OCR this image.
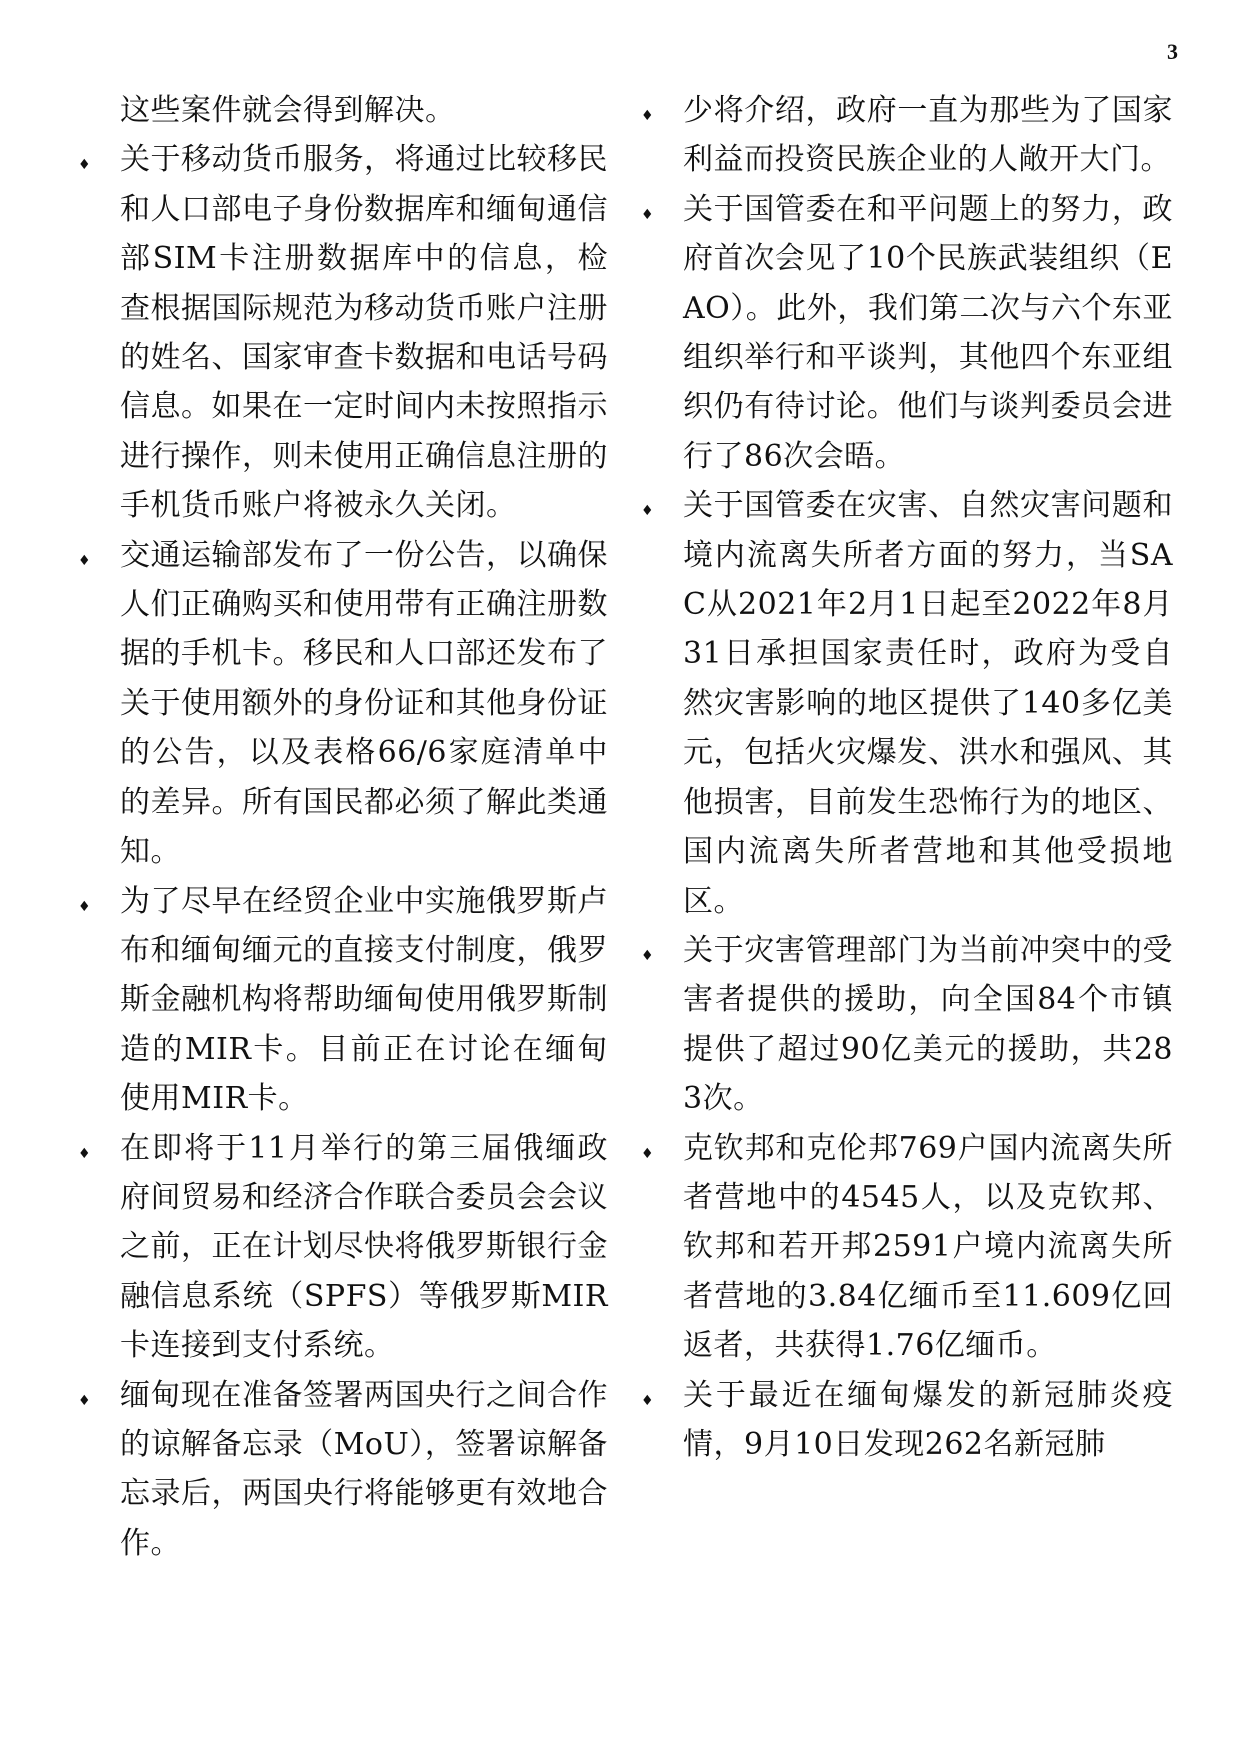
3
这些案件就会得到解决。
♦ 关于移动货币服务，将通过比较移民和人口部电子身份数据库和缅甸通信部SIM卡注册数据库中的信息，检查根据国际规范为移动货币账户注册的姓名、国家审查卡数据和电话号码信息。如果在一定时间内未按照指示进行操作，则未使用正确信息注册的手机货币账户将被永久关闭。
♦ 交通运输部发布了一份公告，以确保人们正确购买和使用带有正确注册数据的手机卡。移民和人口部还发布了关于使用额外的身份证和其他身份证的公告，以及表格66/6家庭清单中的差异。所有国民都必须了解此类通知。
♦ 为了尽早在经贸企业中实施俄罗斯卢布和缅甸缅元的直接支付制度，俄罗斯金融机构将帮助缅甸使用俄罗斯制造的MIR卡。目前正在讨论在缅甸使用MIR卡。
♦ 在即将于11月举行的第三届俄缅政府间贸易和经济合作联合委员会会议之前，正在计划尽快将俄罗斯银行金融信息系统（SPFS）等俄罗斯MIR卡连接到支付系统。
♦ 缅甸现在准备签署两国央行之间合作的谅解备忘录（MoU），签署谅解备忘录后，两国央行将能够更有效地合作。
♦ 少将介绍，政府一直为那些为了国家利益而投资民族企业的人敞开大门。
♦ 关于国管委在和平问题上的努力，政府首次会见了10个民族武装组织（EAO）。此外，我们第二次与六个东亚组织举行和平谈判，其他四个东亚组织仍有待讨论。他们与谈判委员会进行了86次会晤。
♦ 关于国管委在灾害、自然灾害问题和境内流离失所者方面的努力，当SAC从2021年2月1日起至2022年8月31日承担国家责任时，政府为受自然灾害影响的地区提供了140多亿美元，包括火灾爆发、洪水和强风、其他损害，目前发生恐怖行为的地区、国内流离失所者营地和其他受损地区。
♦ 关于灾害管理部门为当前冲突中的受害者提供的援助，向全国84个市镇提供了超过90亿美元的援助，共283次。
♦ 克钦邦和克伦邦769户国内流离失所者营地中的4545人，以及克钦邦、钦邦和若开邦2591户境内流离失所者营地的3.84亿缅币至11.609亿回返者，共获得1.76亿缅币。
♦ 关于最近在缅甸爆发的新冠肺炎疫情，9月10日发现262名新冠肺
